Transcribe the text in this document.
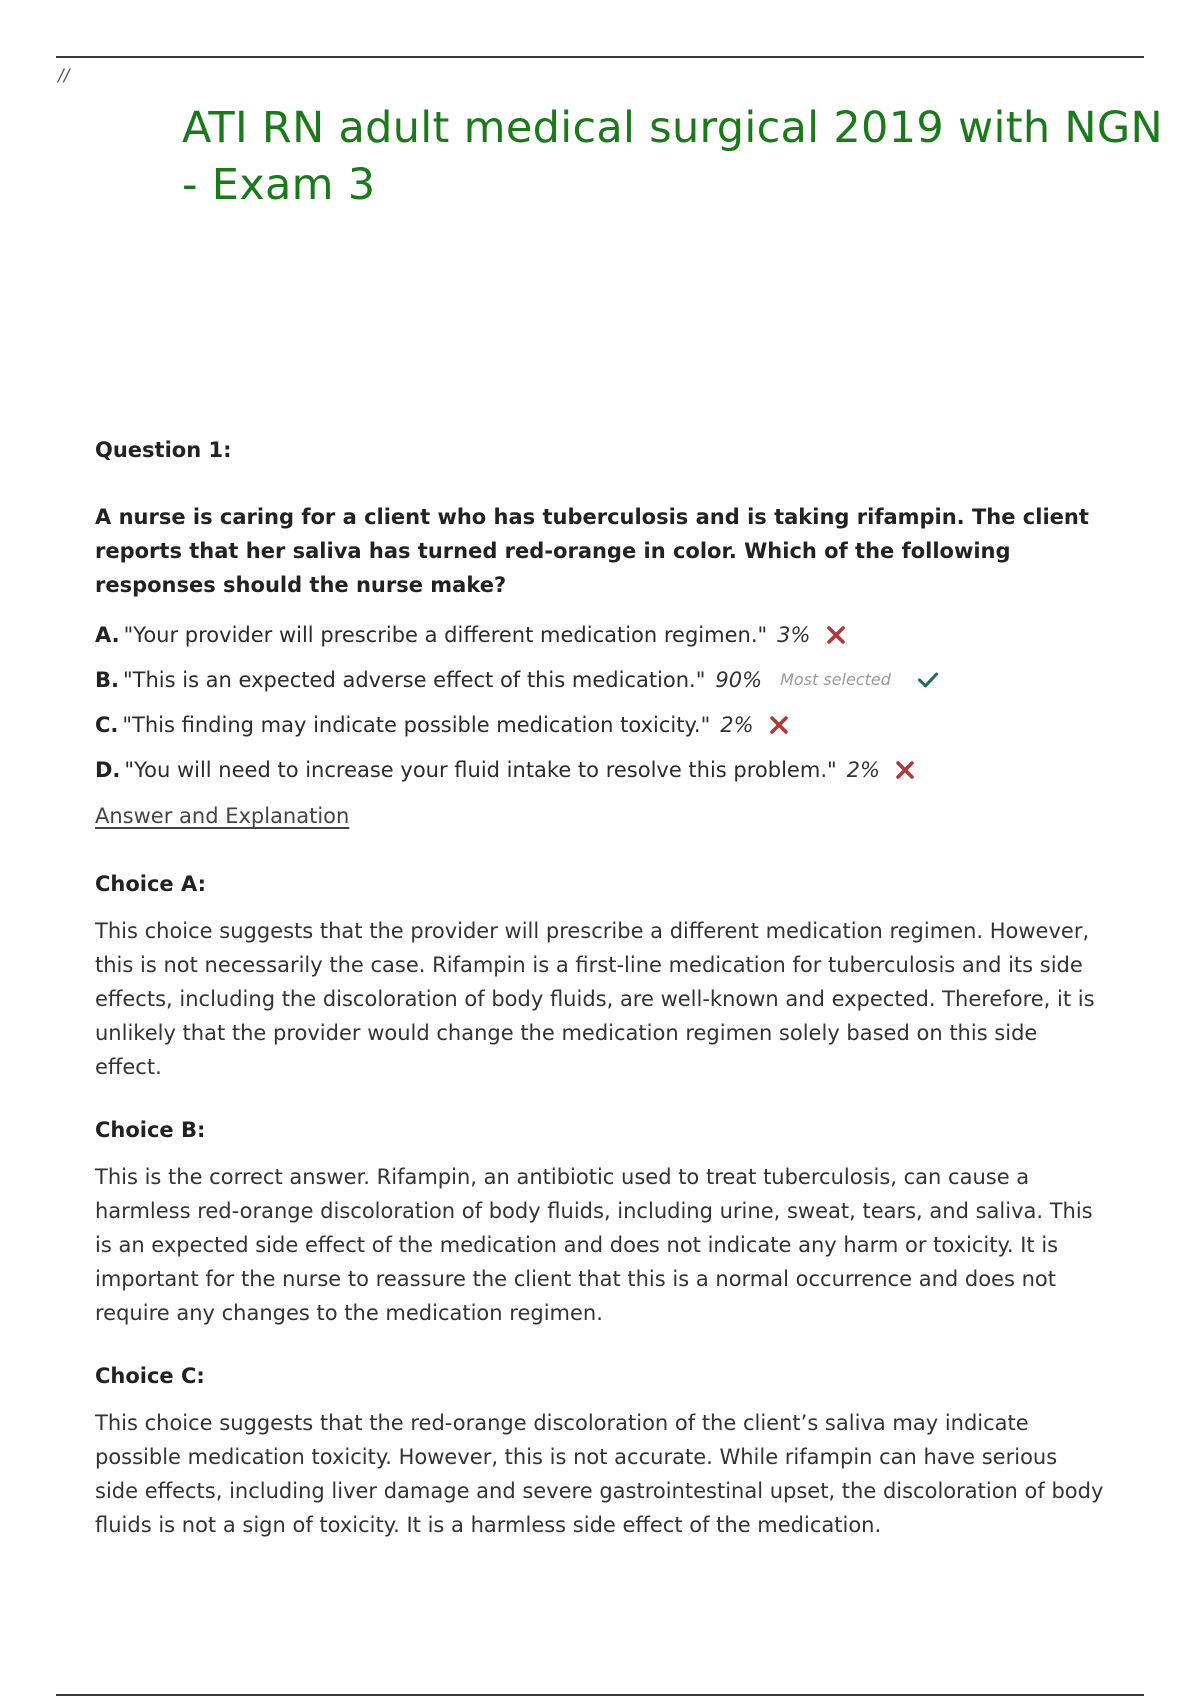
//
ATI RN adult medical surgical 2019 with NGN - Exam 3

Question 1:

A nurse is caring for a client who has tuberculosis and is taking rifampin. The client reports that her saliva has turned red-orange in color. Which of the following responses should the nurse make?

A. "Your provider will prescribe a different medication regimen." 3%
B. "This is an expected adverse effect of this medication." 90% Most selected
C. "This finding may indicate possible medication toxicity." 2%
D. "You will need to increase your fluid intake to resolve this problem." 2%
Answer and Explanation

Choice A:

This choice suggests that the provider will prescribe a different medication regimen. However, this is not necessarily the case. Rifampin is a first-line medication for tuberculosis and its side effects, including the discoloration of body fluids, are well-known and expected. Therefore, it is unlikely that the provider would change the medication regimen solely based on this side effect.

Choice B:

This is the correct answer. Rifampin, an antibiotic used to treat tuberculosis, can cause a harmless red-orange discoloration of body fluids, including urine, sweat, tears, and saliva. This is an expected side effect of the medication and does not indicate any harm or toxicity. It is important for the nurse to reassure the client that this is a normal occurrence and does not require any changes to the medication regimen.

Choice C:

This choice suggests that the red-orange discoloration of the client’s saliva may indicate possible medication toxicity. However, this is not accurate. While rifampin can have serious side effects, including liver damage and severe gastrointestinal upset, the discoloration of body fluids is not a sign of toxicity. It is a harmless side effect of the medication.
